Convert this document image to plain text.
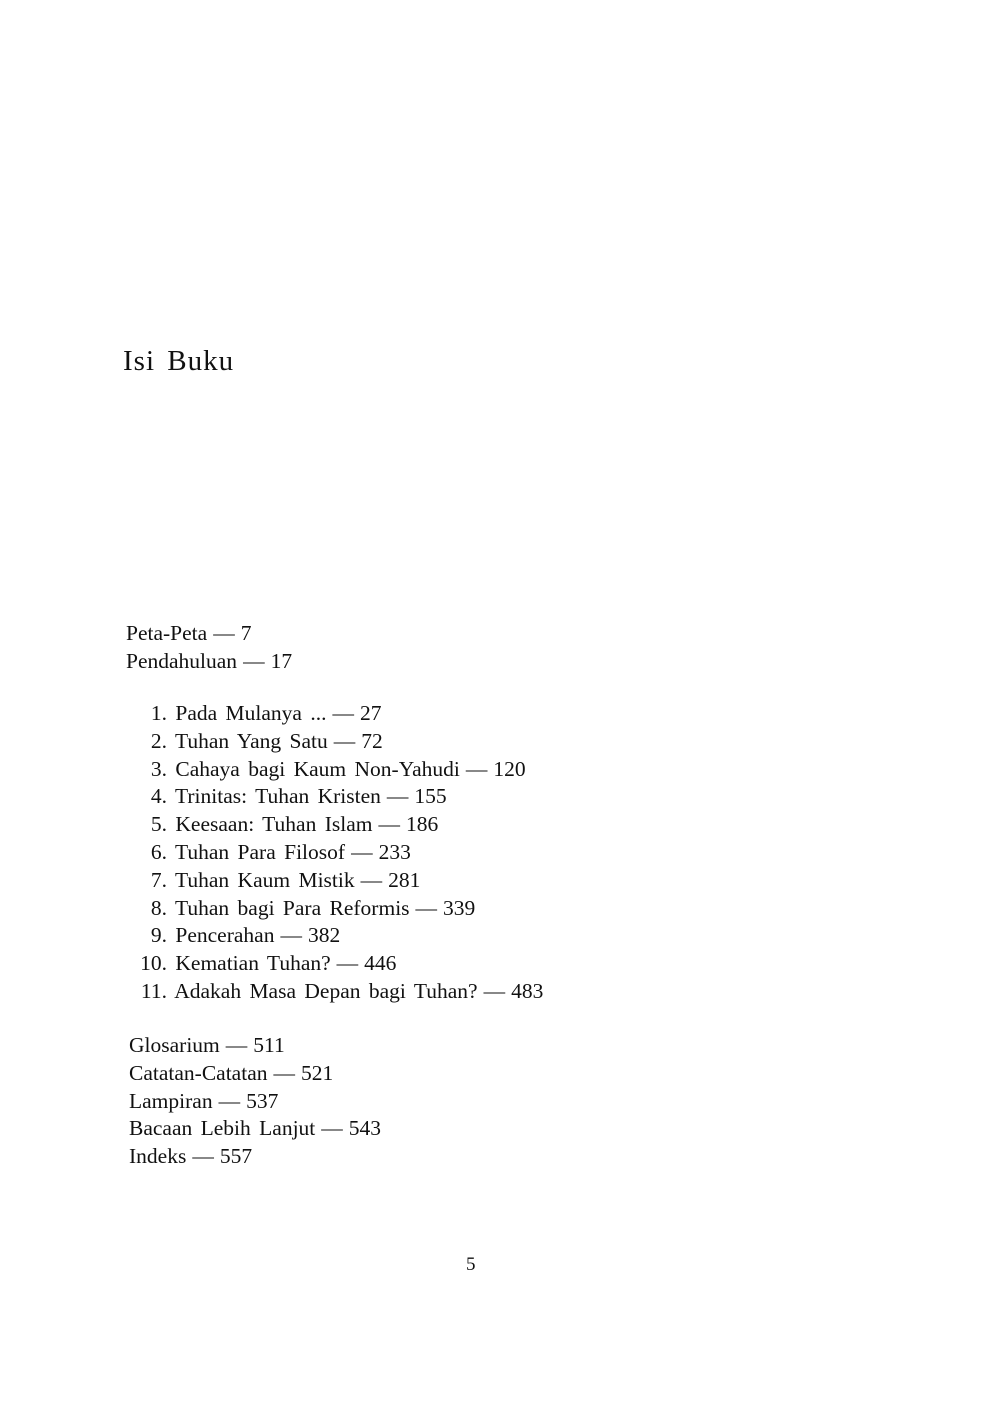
Isi Buku
Peta-Peta — 7
Pendahuluan — 17
1. Pada Mulanya ... — 27
2. Tuhan Yang Satu — 72
3. Cahaya bagi Kaum Non-Yahudi — 120
4. Trinitas: Tuhan Kristen — 155
5. Keesaan: Tuhan Islam — 186
6. Tuhan Para Filosof — 233
7. Tuhan Kaum Mistik — 281
8. Tuhan bagi Para Reformis — 339
9. Pencerahan — 382
10. Kematian Tuhan? — 446
11. Adakah Masa Depan bagi Tuhan? — 483
Glosarium — 511
Catatan-Catatan — 521
Lampiran — 537
Bacaan Lebih Lanjut — 543
Indeks — 557
5
